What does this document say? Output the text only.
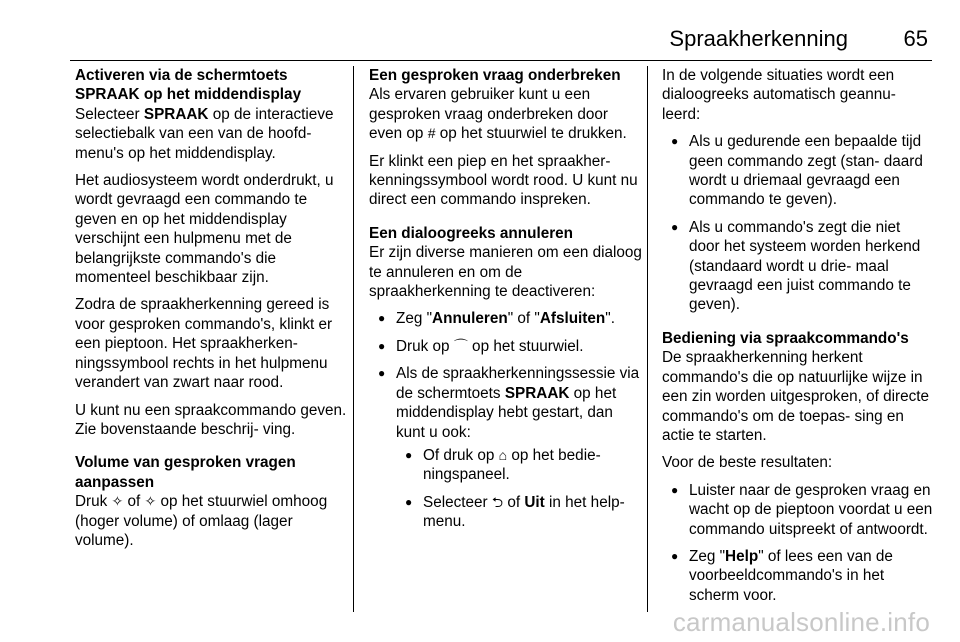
Spraakherkenning	65
Activeren via de schermtoets
SPRAAK op het middendisplay

Selecteer SPRAAK op de interactieve selectiebalk van een van de hoofd- menu's op het middendisplay.

Het audiosysteem wordt onderdrukt, u wordt gevraagd een commando te geven en op het middendisplay verschijnt een hulpmenu met de belangrijkste commando's die momenteel beschikbaar zijn.

Zodra de spraakherkenning gereed is voor gesproken commando's, klinkt er een pieptoon. Het spraakherken- ningssymbool rechts in het hulpmenu verandert van zwart naar rood.

U kunt nu een spraakcommando geven. Zie bovenstaande beschrij- ving.

Volume van gesproken vragen
aanpassen

Druk ✧ of ✧ op het stuurwiel omhoog (hoger volume) of omlaag (lager volume).

Een gesproken vraag onderbreken

Als ervaren gebruiker kunt u een gesproken vraag onderbreken door even op # op het stuurwiel te drukken.

Er klinkt een piep en het spraakher- kenningssymbool wordt rood. U kunt nu direct een commando inspreken.

Een dialoogreeks annuleren

Er zijn diverse manieren om een dialoog te annuleren en om de spraakherkenning te deactiveren:

● Zeg "Annuleren" of "Afsluiten".
● Druk op ⌒ op het stuurwiel.
● Als de spraakherkenningssessie via de schermtoets SPRAAK op het middendisplay hebt gestart, dan kunt u ook:
● Of druk op ⌂ op het bedie- ningspaneel.
● Selecteer ⮌ of Uit in het help-menu.

In de volgende situaties wordt een dialoogreeks automatisch geannu- leerd:

● Als u gedurende een bepaalde tijd geen commando zegt (stan- daard wordt u driemaal gevraagd een commando te geven).
● Als u commando's zegt die niet door het systeem worden herkend (standaard wordt u drie- maal gevraagd een juist commando te geven).
Bediening via spraakcommando's

De spraakherkenning herkent commando's die op natuurlijke wijze in een zin worden uitgesproken, of directe commando's om de toepas- sing en actie te starten.

Voor de beste resultaten:

● Luister naar de gesproken vraag en wacht op de pieptoon voordat u een commando uitspreekt of antwoordt.
● Zeg "Help" of lees een van de voorbeeldcommando's in het scherm voor.
carmanualsonline.info
